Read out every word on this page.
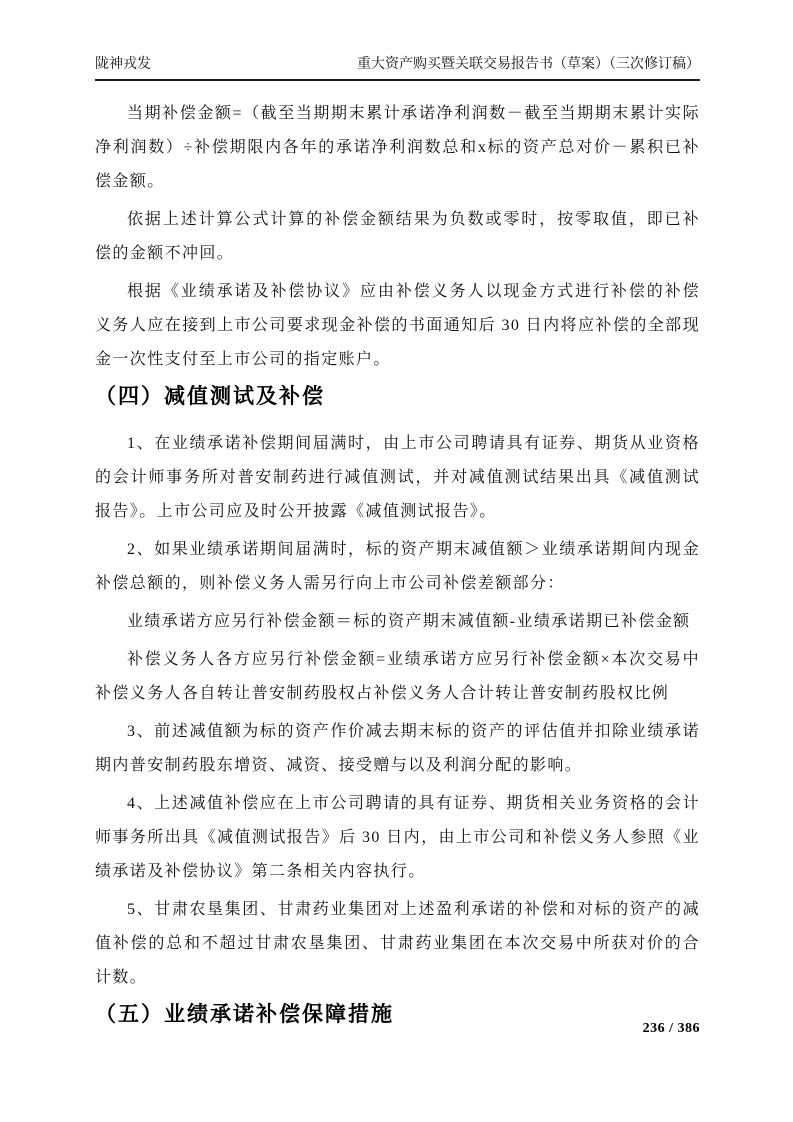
陇神戎发	重大资产购买暨关联交易报告书（草案）（三次修订稿）

当期补偿金额=（截至当期期末累计承诺净利润数－截至当期期末累计实际净利润数）÷补偿期限内各年的承诺净利润数总和x标的资产总对价－累积已补偿金额。

依据上述计算公式计算的补偿金额结果为负数或零时，按零取值，即已补偿的金额不冲回。

根据《业绩承诺及补偿协议》应由补偿义务人以现金方式进行补偿的补偿义务人应在接到上市公司要求现金补偿的书面通知后 30 日内将应补偿的全部现金一次性支付至上市公司的指定账户。

（四）减值测试及补偿

1、在业绩承诺补偿期间届满时，由上市公司聘请具有证券、期货从业资格的会计师事务所对普安制药进行减值测试，并对减值测试结果出具《减值测试报告》。上市公司应及时公开披露《减值测试报告》。

2、如果业绩承诺期间届满时，标的资产期末减值额＞业绩承诺期间内现金补偿总额的，则补偿义务人需另行向上市公司补偿差额部分：

业绩承诺方应另行补偿金额＝标的资产期末减值额-业绩承诺期已补偿金额

补偿义务人各方应另行补偿金额=业绩承诺方应另行补偿金额×本次交易中补偿义务人各自转让普安制药股权占补偿义务人合计转让普安制药股权比例

3、前述减值额为标的资产作价减去期末标的资产的评估值并扣除业绩承诺期内普安制药股东增资、减资、接受赠与以及利润分配的影响。

4、上述减值补偿应在上市公司聘请的具有证券、期货相关业务资格的会计师事务所出具《减值测试报告》后 30 日内，由上市公司和补偿义务人参照《业绩承诺及补偿协议》第二条相关内容执行。

5、甘肃农垦集团、甘肃药业集团对上述盈利承诺的补偿和对标的资产的减值补偿的总和不超过甘肃农垦集团、甘肃药业集团在本次交易中所获对价的合计数。

（五）业绩承诺补偿保障措施
236 / 386
